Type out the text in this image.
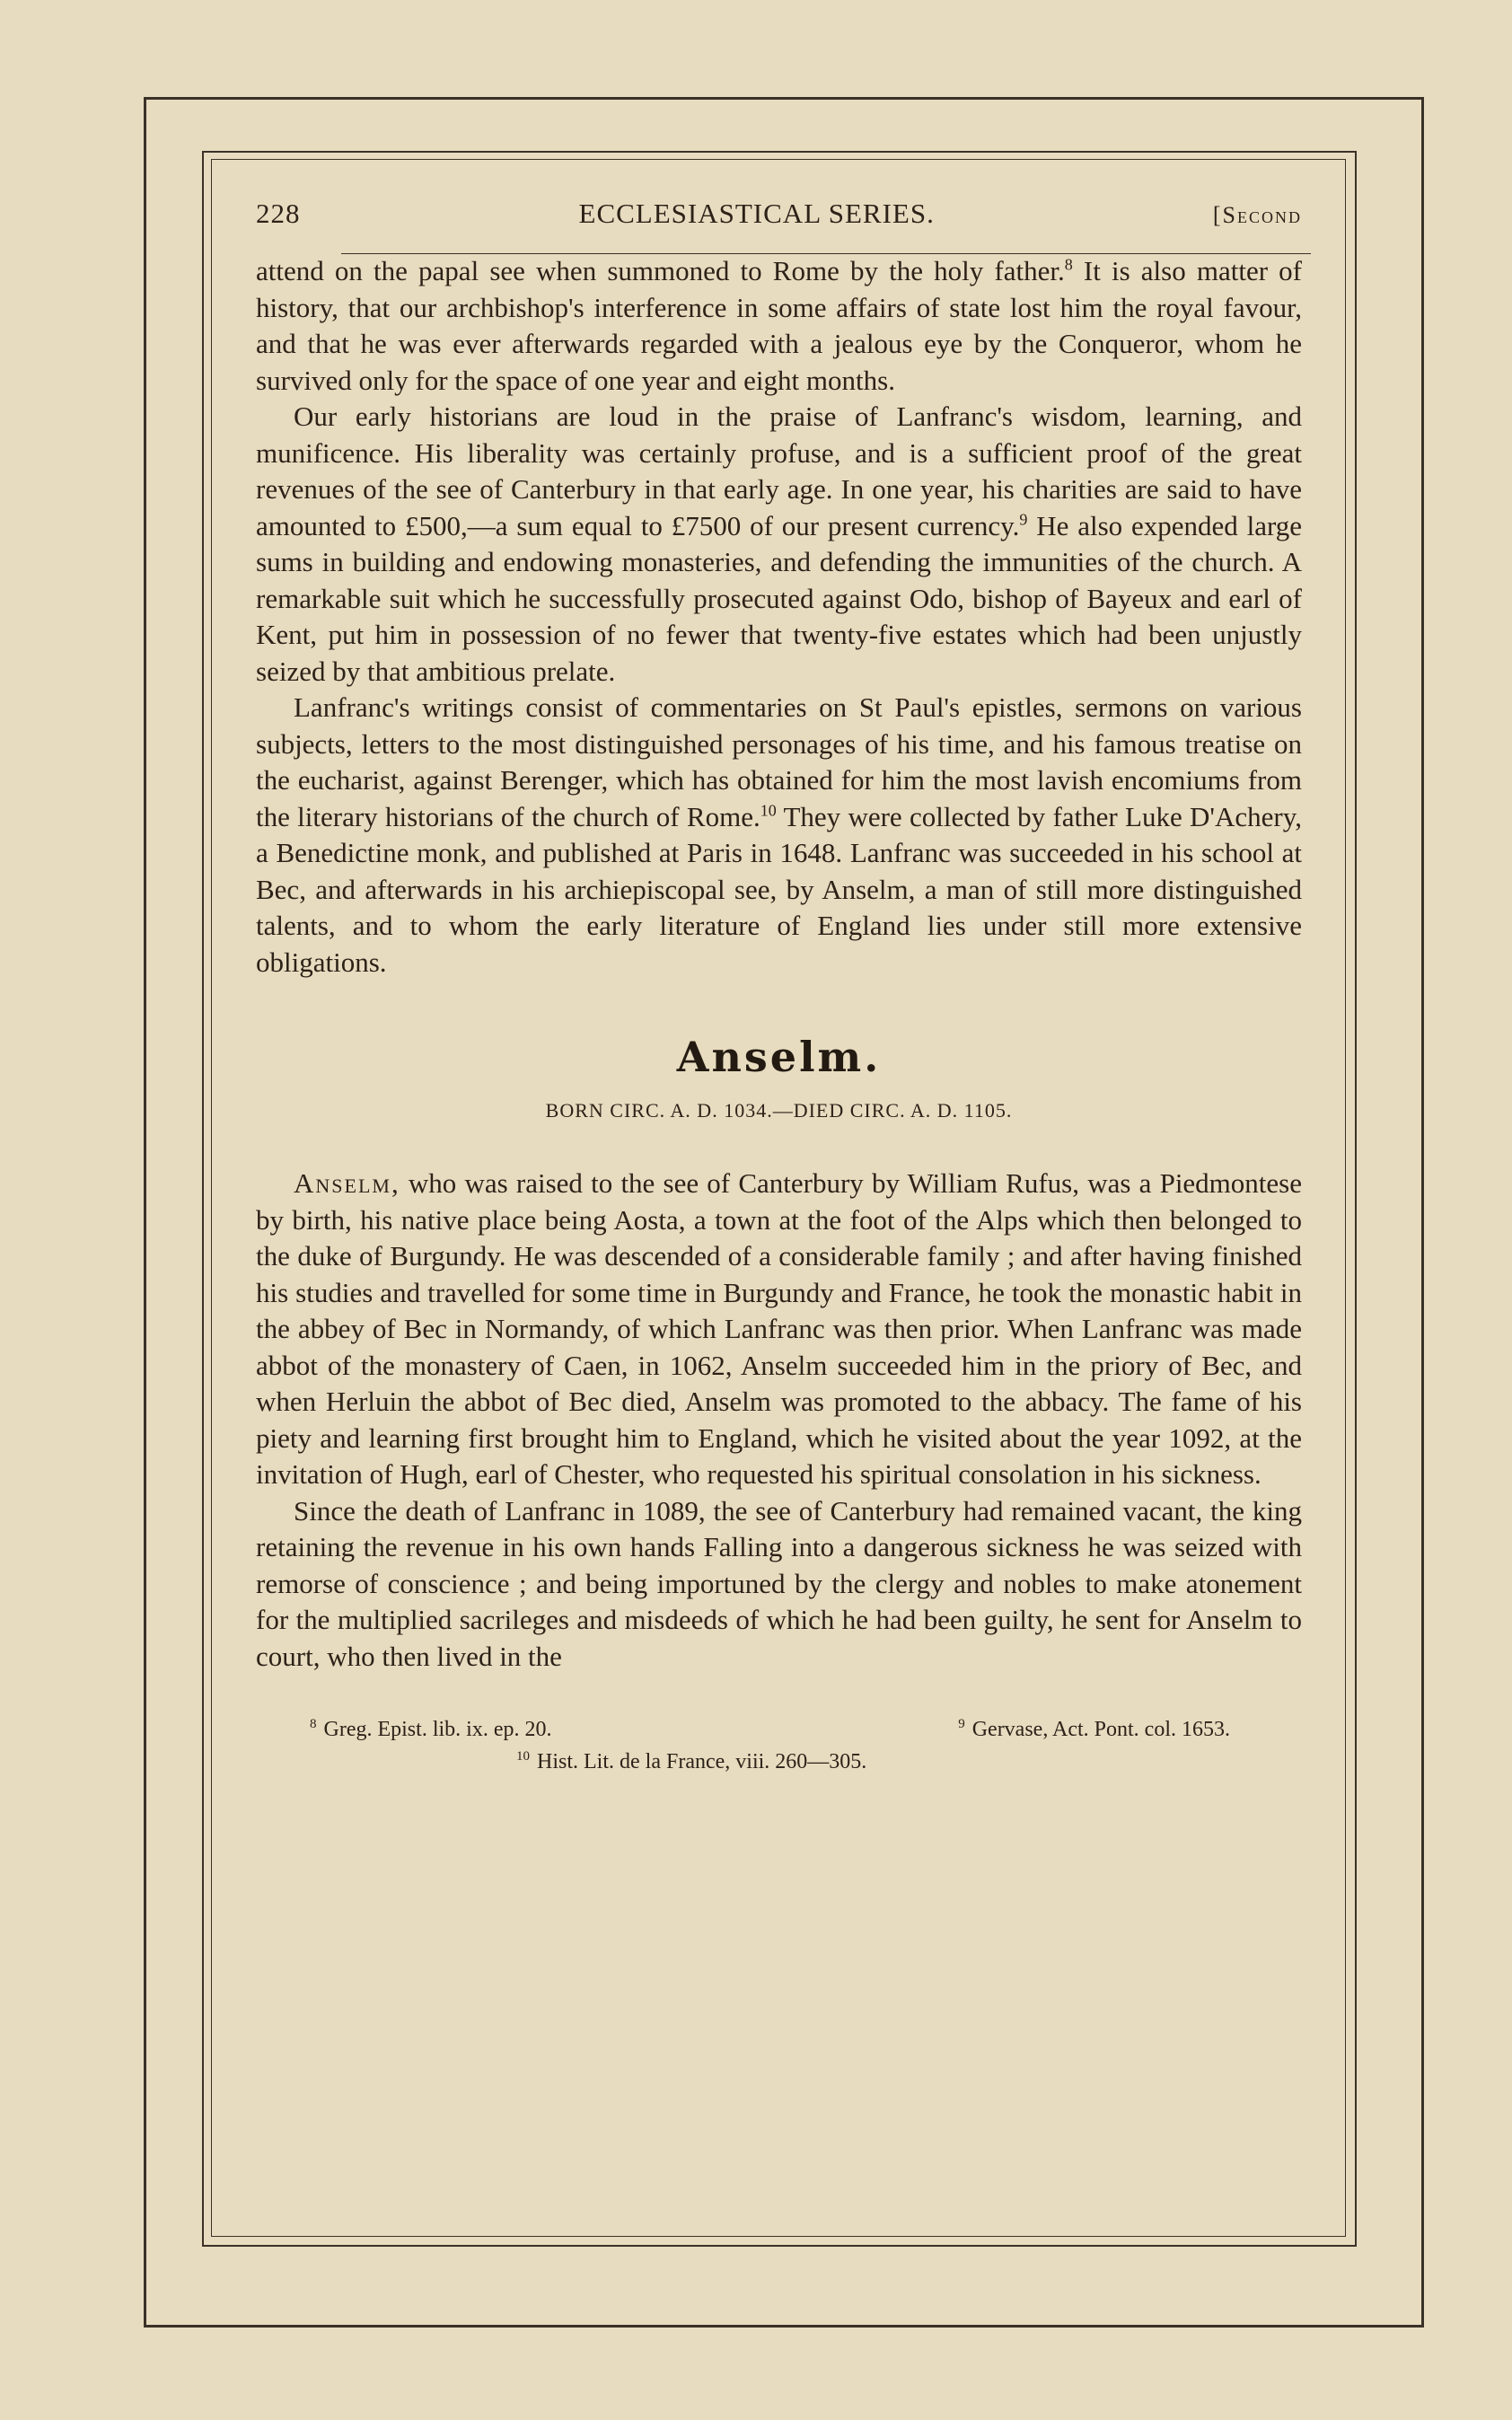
228	ECCLESIASTICAL SERIES.	[Second

attend on the papal see when summoned to Rome by the holy father.$^8$ It is also matter of history, that our archbishop's interference in some affairs of state lost him the royal favour, and that he was ever afterwards regarded with a jealous eye by the Conqueror, whom he survived only for the space of one year and eight months.

Our early historians are loud in the praise of Lanfranc's wisdom, learning, and munificence. His liberality was certainly profuse, and is a sufficient proof of the great revenues of the see of Canterbury in that early age. In one year, his charities are said to have amounted to £500,—a sum equal to £7500 of our present currency.$^9$ He also expended large sums in building and endowing monasteries, and defending the immunities of the church. A remarkable suit which he successfully prosecuted against Odo, bishop of Bayeux and earl of Kent, put him in possession of no fewer that twenty-five estates which had been unjustly seized by that ambitious prelate.

Lanfranc's writings consist of commentaries on St Paul's epistles, sermons on various subjects, letters to the most distinguished personages of his time, and his famous treatise on the eucharist, against Berenger, which has obtained for him the most lavish encomiums from the literary historians of the church of Rome.$^{10}$ They were collected by father Luke D'Achery, a Benedictine monk, and published at Paris in 1648. Lanfranc was succeeded in his school at Bec, and afterwards in his archiepiscopal see, by Anselm, a man of still more distinguished talents, and to whom the early literature of England lies under still more extensive obligations.

Anselm.
BORN CIRC. A. D. 1034.—DIED CIRC. A. D. 1105.

Anselm, who was raised to the see of Canterbury by William Rufus, was a Piedmontese by birth, his native place being Aosta, a town at the foot of the Alps which then belonged to the duke of Burgundy. He was descended of a considerable family ; and after having finished his studies and travelled for some time in Burgundy and France, he took the monastic habit in the abbey of Bec in Normandy, of which Lanfranc was then prior. When Lanfranc was made abbot of the monastery of Caen, in 1062, Anselm succeeded him in the priory of Bec, and when Herluin the abbot of Bec died, Anselm was promoted to the abbacy. The fame of his piety and learning first brought him to England, which he visited about the year 1092, at the invitation of Hugh, earl of Chester, who requested his spiritual consolation in his sickness.

Since the death of Lanfranc in 1089, the see of Canterbury had remained vacant, the king retaining the revenue in his own hands Falling into a dangerous sickness he was seized with remorse of conscience ; and being importuned by the clergy and nobles to make atonement for the multiplied sacrileges and misdeeds of which he had been guilty, he sent for Anselm to court, who then lived in the

$^8$ Greg. Epist. lib. ix. ep. 20.	$^9$ Gervase, Act. Pont. col. 1653.
$^{10}$ Hist. Lit. de la France, viii. 260—305.
